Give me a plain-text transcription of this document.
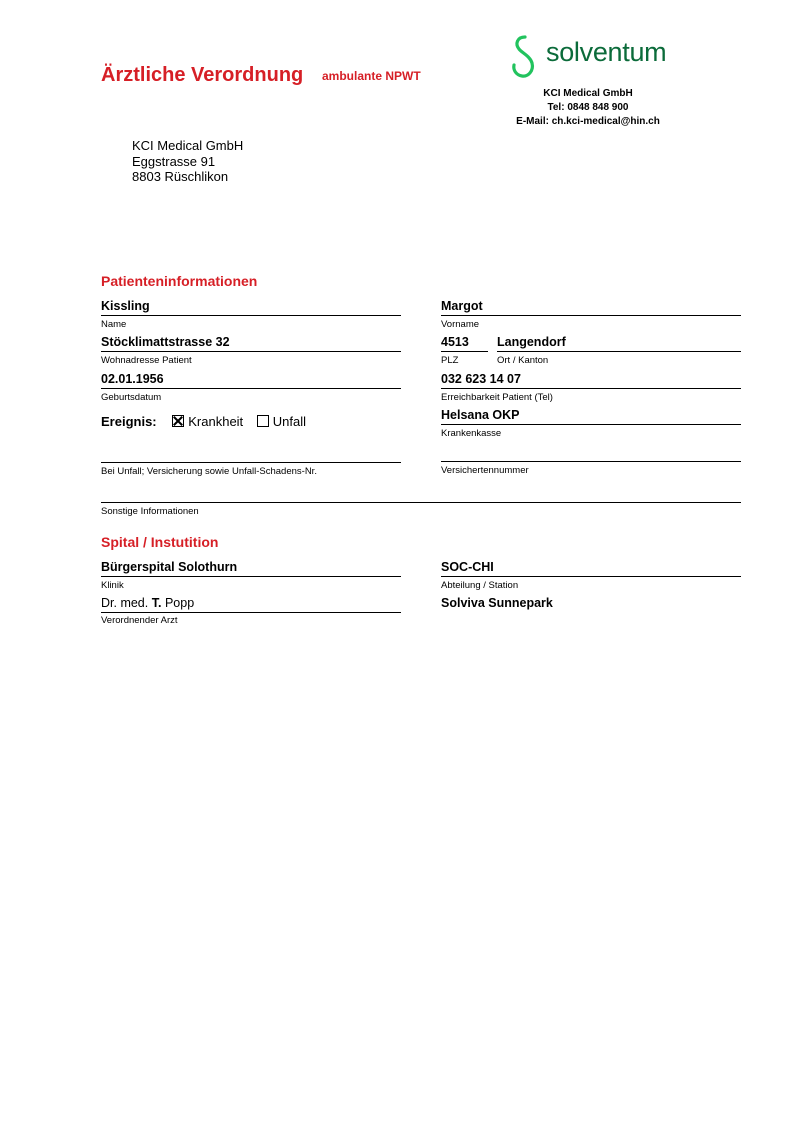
Ärztliche Verordnung ambulante NPWT
solventum
KCI Medical GmbH
Tel: 0848 848 900
E-Mail: ch.kci-medical@hin.ch
KCI Medical GmbH
Eggstrasse 91
8803 Rüschlikon
Patienteninformationen
Kissling
Name
Margot
Vorname
Stöcklimattstrasse 32
Wohnadresse Patient
4513
PLZ
Langendorf
Ort / Kanton
02.01.1956
Geburtsdatum
032 623 14 07
Erreichbarkeit Patient (Tel)
Ereignis: Krankheit Unfall	Helsana OKP
Krankenkasse
Bei Unfall; Versicherung sowie Unfall-Schadens-Nr.	Versichertennummer
Sonstige Informationen
Spital / Instutition
Bürgerspital Solothurn
Klinik
SOC-CHI
Abteilung / Station
Dr. med. T. Popp
Verordnender Arzt
Solviva Sunnepark
